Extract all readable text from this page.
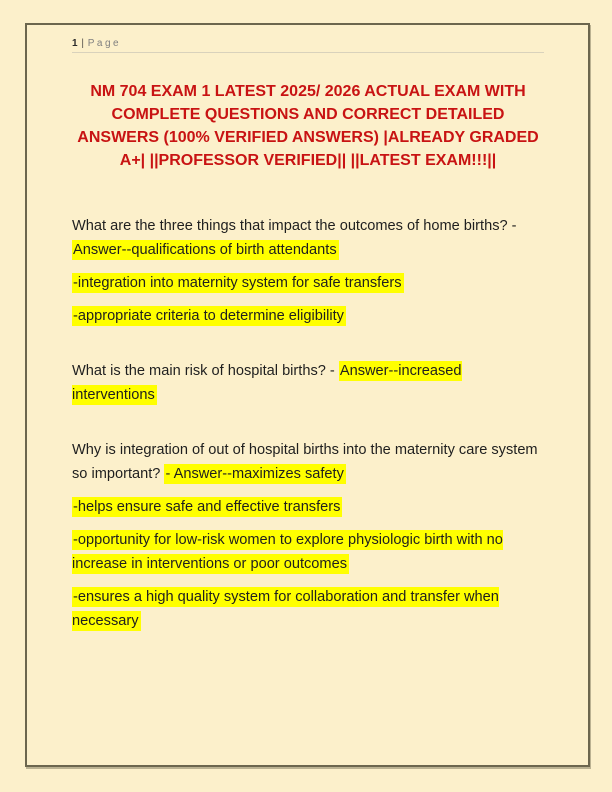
1 | Page
NM 704 EXAM 1 LATEST 2025/ 2026 ACTUAL EXAM WITH COMPLETE QUESTIONS AND CORRECT DETAILED ANSWERS (100% VERIFIED ANSWERS) |ALREADY GRADED A+| ||PROFESSOR VERIFIED|| ||LATEST EXAM!!!||

What are the three things that impact the outcomes of home births? - Answer--qualifications of birth attendants

-integration into maternity system for safe transfers

-appropriate criteria to determine eligibility

What is the main risk of hospital births? - Answer--increased interventions

Why is integration of out of hospital births into the maternity care system so important? - Answer--maximizes safety

-helps ensure safe and effective transfers

-opportunity for low-risk women to explore physiologic birth with no increase in interventions or poor outcomes

-ensures a high quality system for collaboration and transfer when necessary
